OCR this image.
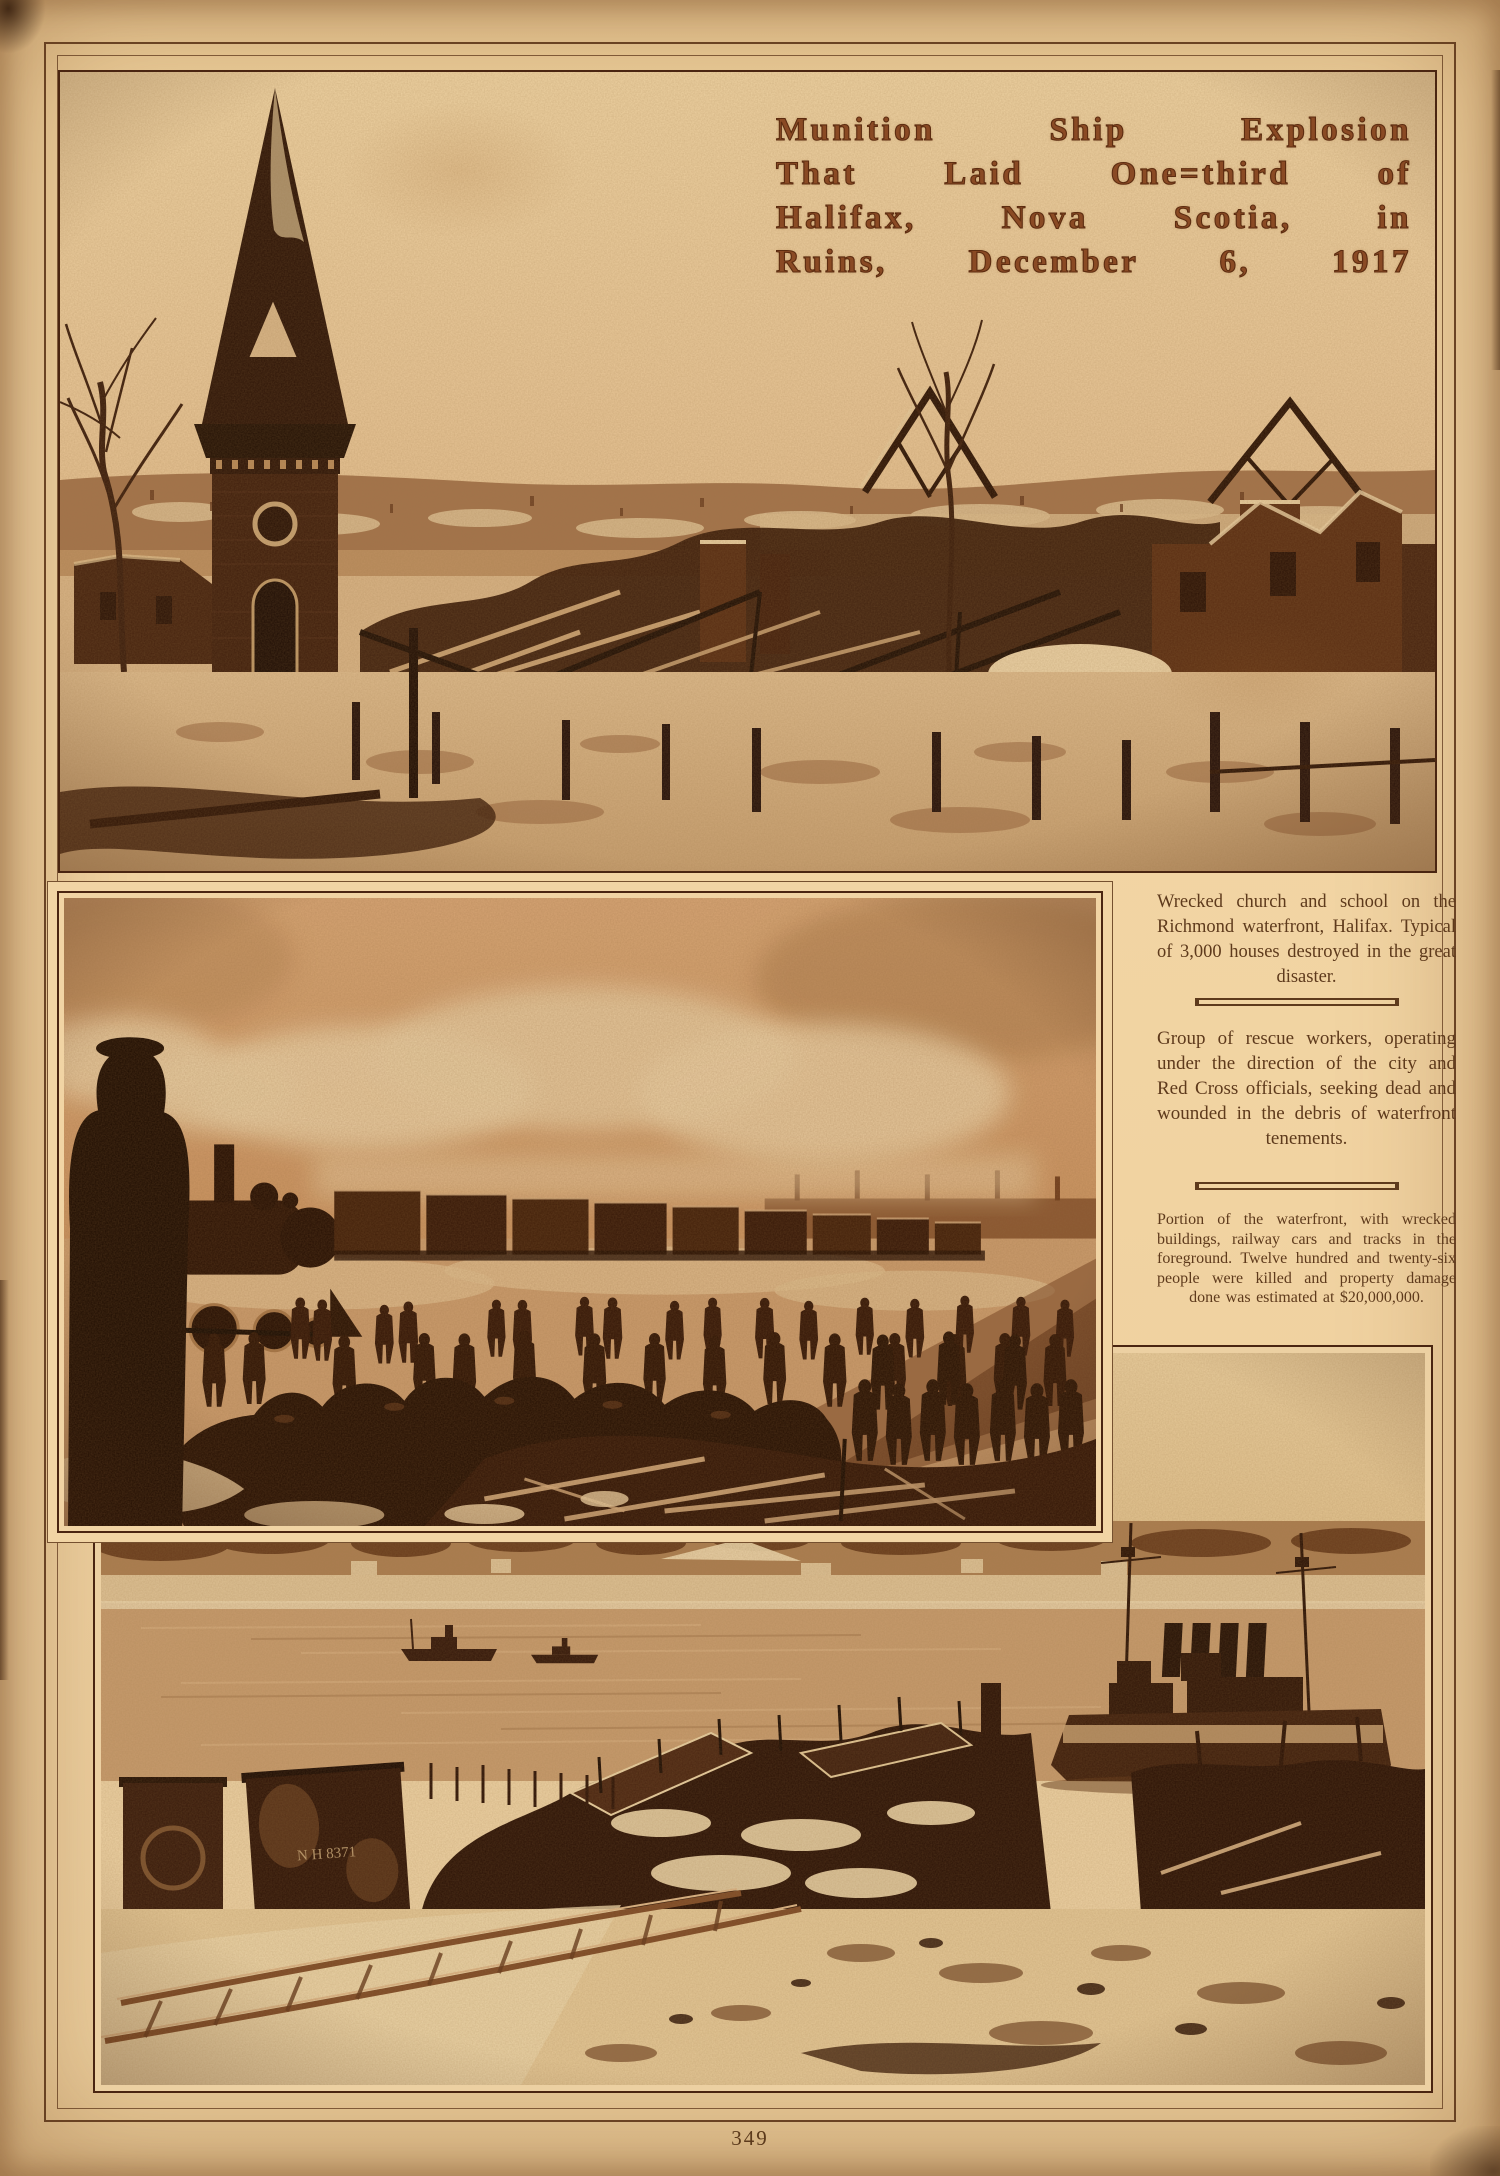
Munition Ship Explosion
That Laid One=third of
Halifax, Nova Scotia, in
Ruins, December 6, 1917

Wrecked church and school on the Richmond waterfront, Halifax. Typical of 3,000 houses destroyed in the great disaster.

Group of rescue workers, operating under the direction of the city and Red Cross officials, seeking dead and wounded in the debris of waterfront tenements.

Portion of the waterfront, with wrecked buildings, railway cars and tracks in the foreground. Twelve hundred and twenty-six people were killed and property damage done was estimated at $20,000,000.

349
